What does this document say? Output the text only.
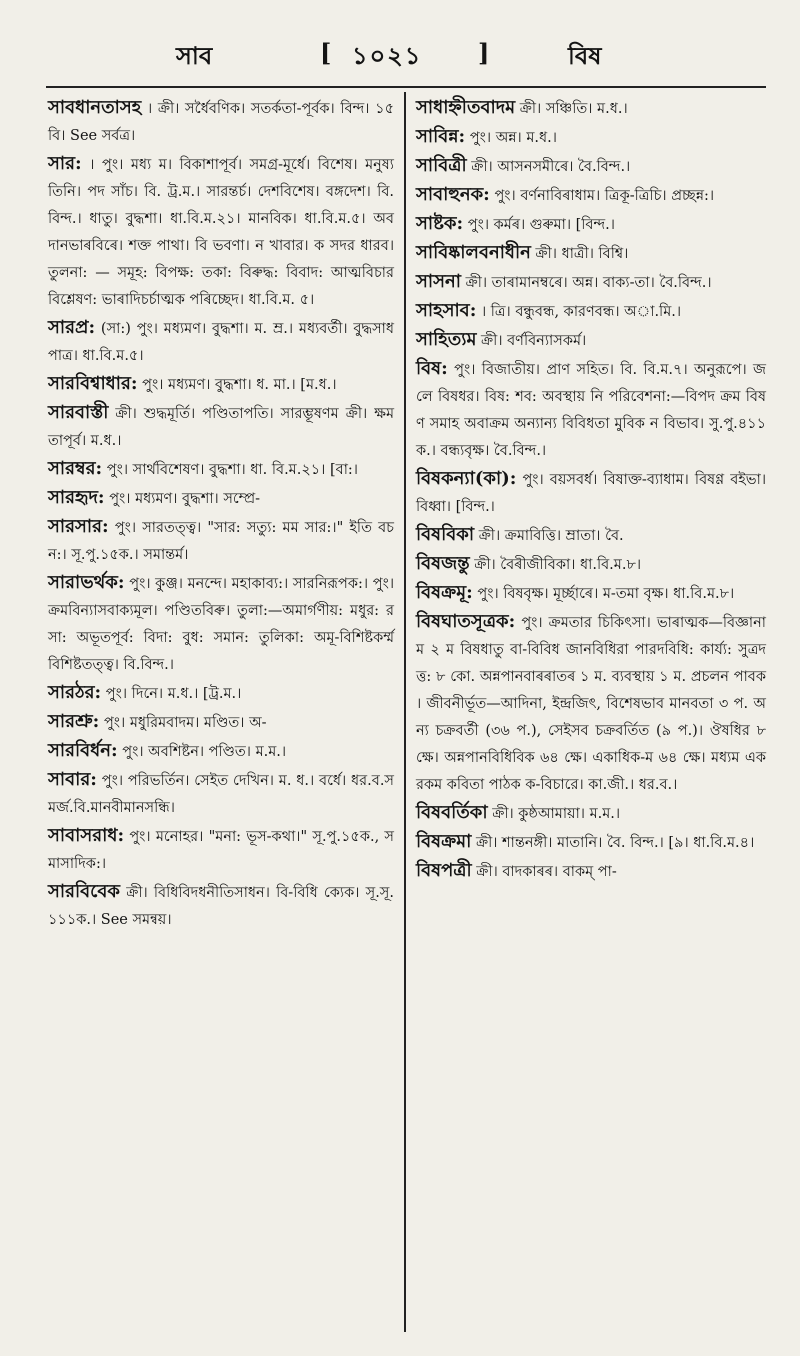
সাব	[ ১০২১ ]	বিষ

সাবধানতাসহ । ক্রী। সর্ধৈবণিক। সতর্কতা-পূর্বক। বিন্দ। ১৫বি। See সর্বত্ৰ।

সার: । পুং। মধ্য ম। বিকাশাপূৰ্ব। সমগ্র-মূৰ্ধে। বিশেষ। মনুষ্যতিনি। পদ সাঁচ। বি. ট্ৰ.ম.। সারন্তৰ্চ। দেশবিশেষ। বঙ্গদেশ। বি. বিন্দ.। ধাতু। বুদ্ধশা। ধা.বি.ম.২১। মানবিক। ধা.বি.ম.৫। অবদানভাৰবিৰে। শক্ত পাথা। বি ভবণা। ন খাবার। ক সদর ধারব। তুলনা: — সমূহ: বিপক্ষ: তকা: বিৰুদ্ধ: বিবাদ: আত্মবিচারবিশ্লেষণ: ভাৰাদিচৰ্চাত্মক পৰিচ্ছেদ। ধা.বি.ম. ৫।

সারপ্র: (সা:) পুং। মধ্যমণ। বুদ্ধশা। ম. ম্র.। মধ্যবর্তী। বুদ্ধসাধ পাত্র। ধা.বি.ম.৫।

সারবিশ্বাধার: পুং। মধ্যমণ। বুদ্ধশা। ধ. মা.। [ম.ধ.।

সারবাস্তী ক্রী। শুদ্ধমূর্তি। পণ্ডিতাপতি। সারম্ভূষণম ক্রী। ক্ষমতাপূৰ্ব। ম.ধ.।

সারম্বর: পুং। সার্থবিশেষণ। বুদ্ধশা। ধা. বি.ম.২১। [বা:।

সারহৃদ: পুং। মধ্যমণ। বুদ্ধশা। সম্প্রে-

সারসার: পুং। সারতত্ত্ব। "সার: সত্যু: মম সার:।" ইতি বচন:। সূ.পু.১৫ক.। সমান্তৰ্ম।

সারাভর্থক: পুং। কুঞ্জ। মনন্দে। মহাকাব্য:। সারনিরূপক:। পুং। ক্রমবিন্যাসবাক্যমূল। পণ্ডিতবিৰু। তুলা:—অমাৰ্গণীয়: মধুর: রসা: অভূতপূর্ব: বিদা: বুধ: সমান: তুলিকা: অমূ-বিশিষ্টকৰ্ম্মবিশিষ্টতত্ত্ব। বি.বিন্দ.।

সারঠর: পুং। দিনে। ম.ধ.। [ট্ৰ.ম.।

সারশ্রু: পুং। মধুরিমবাদম। মণ্ডিত। অ-

সারবিৰ্ধন: পুং। অবশিষ্টন। পণ্ডিত। ম.ম.।

সাবার: পুং। পরিভর্তিন। সেইত দেখিন। ম. ধ.। বৰ্ধে। ধর.ব.সমৰ্জ.বি.মানবীমানসন্ধি।

সাবাসরাধ: পুং। মনোহর। "মনা: ভূস-কথা।" সূ.পু.১৫ক., সমাসাদিক:।

সারবিবেক ক্রী। বিধিবিদধনীতিসাধন। বি-বিধি ক্যেক। সূ.সূ.১১১ক.। See সমন্বয়।

সাধাহ্নীতবাদম ক্রী। সঞ্চিতি। ম.ধ.।

সাবিন্ন: পুং। অন্ন। ম.ধ.।

সাবিত্রী ক্রী। আসনসমীৰে। বৈ.বিন্দ.।

সাবাহুনক: পুং। বৰ্ণনাবিৰাধাম। ত্রিকূ-ত্রিচি। প্ৰচ্ছন্ন:।

সাষ্টক: পুং। কৰ্মৰ। গুৰুমা। [বিন্দ.।

সাবিষ্কালবনাধীন ক্রী। ধাত্রী। বিশ্বি।

সাসনা ক্রী। তাৰামানম্বৰে। অন্ন। বাক্য-তা। বৈ.বিন্দ.।

সাহসাব: । ত্রি। বন্ধুবন্ধ, কারণবন্ধ। অা.মি.।

সাহিত্যম ক্রী। বৰ্ণবিন্যাসকৰ্ম।

বিষ: পুং। বিজাতীয়। প্ৰাণ সহিত। বি. বি.ম.৭। অনুরূপে। জলে বিষধর। বিষ: শব: অবস্থায় নি পরিবেশনা:—বিপদ ক্রম বিষণ সমাহ অবাক্রম অন্যান্য বিবিধতা মুবিক ন বিভাব। সু.পু.৪১১ক.। বন্ধ্যবৃক্ষ। বৈ.বিন্দ.।

বিষকন্যা(কা): পুং। বয়সবর্ধ। বিষাক্ত-ব্যাধাম। বিষণ্ণ বইভা। বিধ্বা। [বিন্দ.।

বিষবিকা ক্রী। ক্রমাবিত্তি। ম্রাতা। বৈ.

বিষজন্তু ক্রী। বৈৰীজীবিকা। ধা.বি.ম.৮।

বিষক্রমূ: পুং। বিষবৃক্ষ। মূৰ্চ্ছাৰে। ম-তমা বৃক্ষ। ধা.বি.ম.৮।

বিষঘাতসূত্রক: পুং। ক্ৰমতার চিকিৎসা। ভাৰাত্মক—বিজ্ঞানা ম ২ ম বিষধাতু বা-বিবিধ জানবিধিরা পারদবিধি: কাৰ্য্য: সুত্রদত্ত: ৮ কো. অন্নপানবাৰৰাতৰ ১ ম. ব্যবস্থায় ১ ম. প্রচলন পাবক। জীবনীর্ভূত—আদিনা, ইন্দ্রজিৎ, বিশেষভাব মানবতা ৩ প. অন্য চক্রবর্তী (৩৬ প.), সেইসব চক্রবর্তিত (৯ প.)। ঔষধির ৮ ক্ষে। অন্নপানবিধিবিক ৬৪ ক্ষে। একাধিক-ম ৬৪ ক্ষে। মধ্যম একরকম কবিতা পাঠক ক-বিচারে। কা.জী.। ধর.ব.।

বিষবর্তিকা ক্রী। কুষ্ঠআমায়া। ম.ম.।

বিষক্রমা ক্রী। শান্তনঙ্গী। মাতানি। বৈ. বিন্দ.। [৯। ধা.বি.ম.৪।

বিষপত্রী ক্রী। বাদকাৰৰ। বাকম্ পা-
